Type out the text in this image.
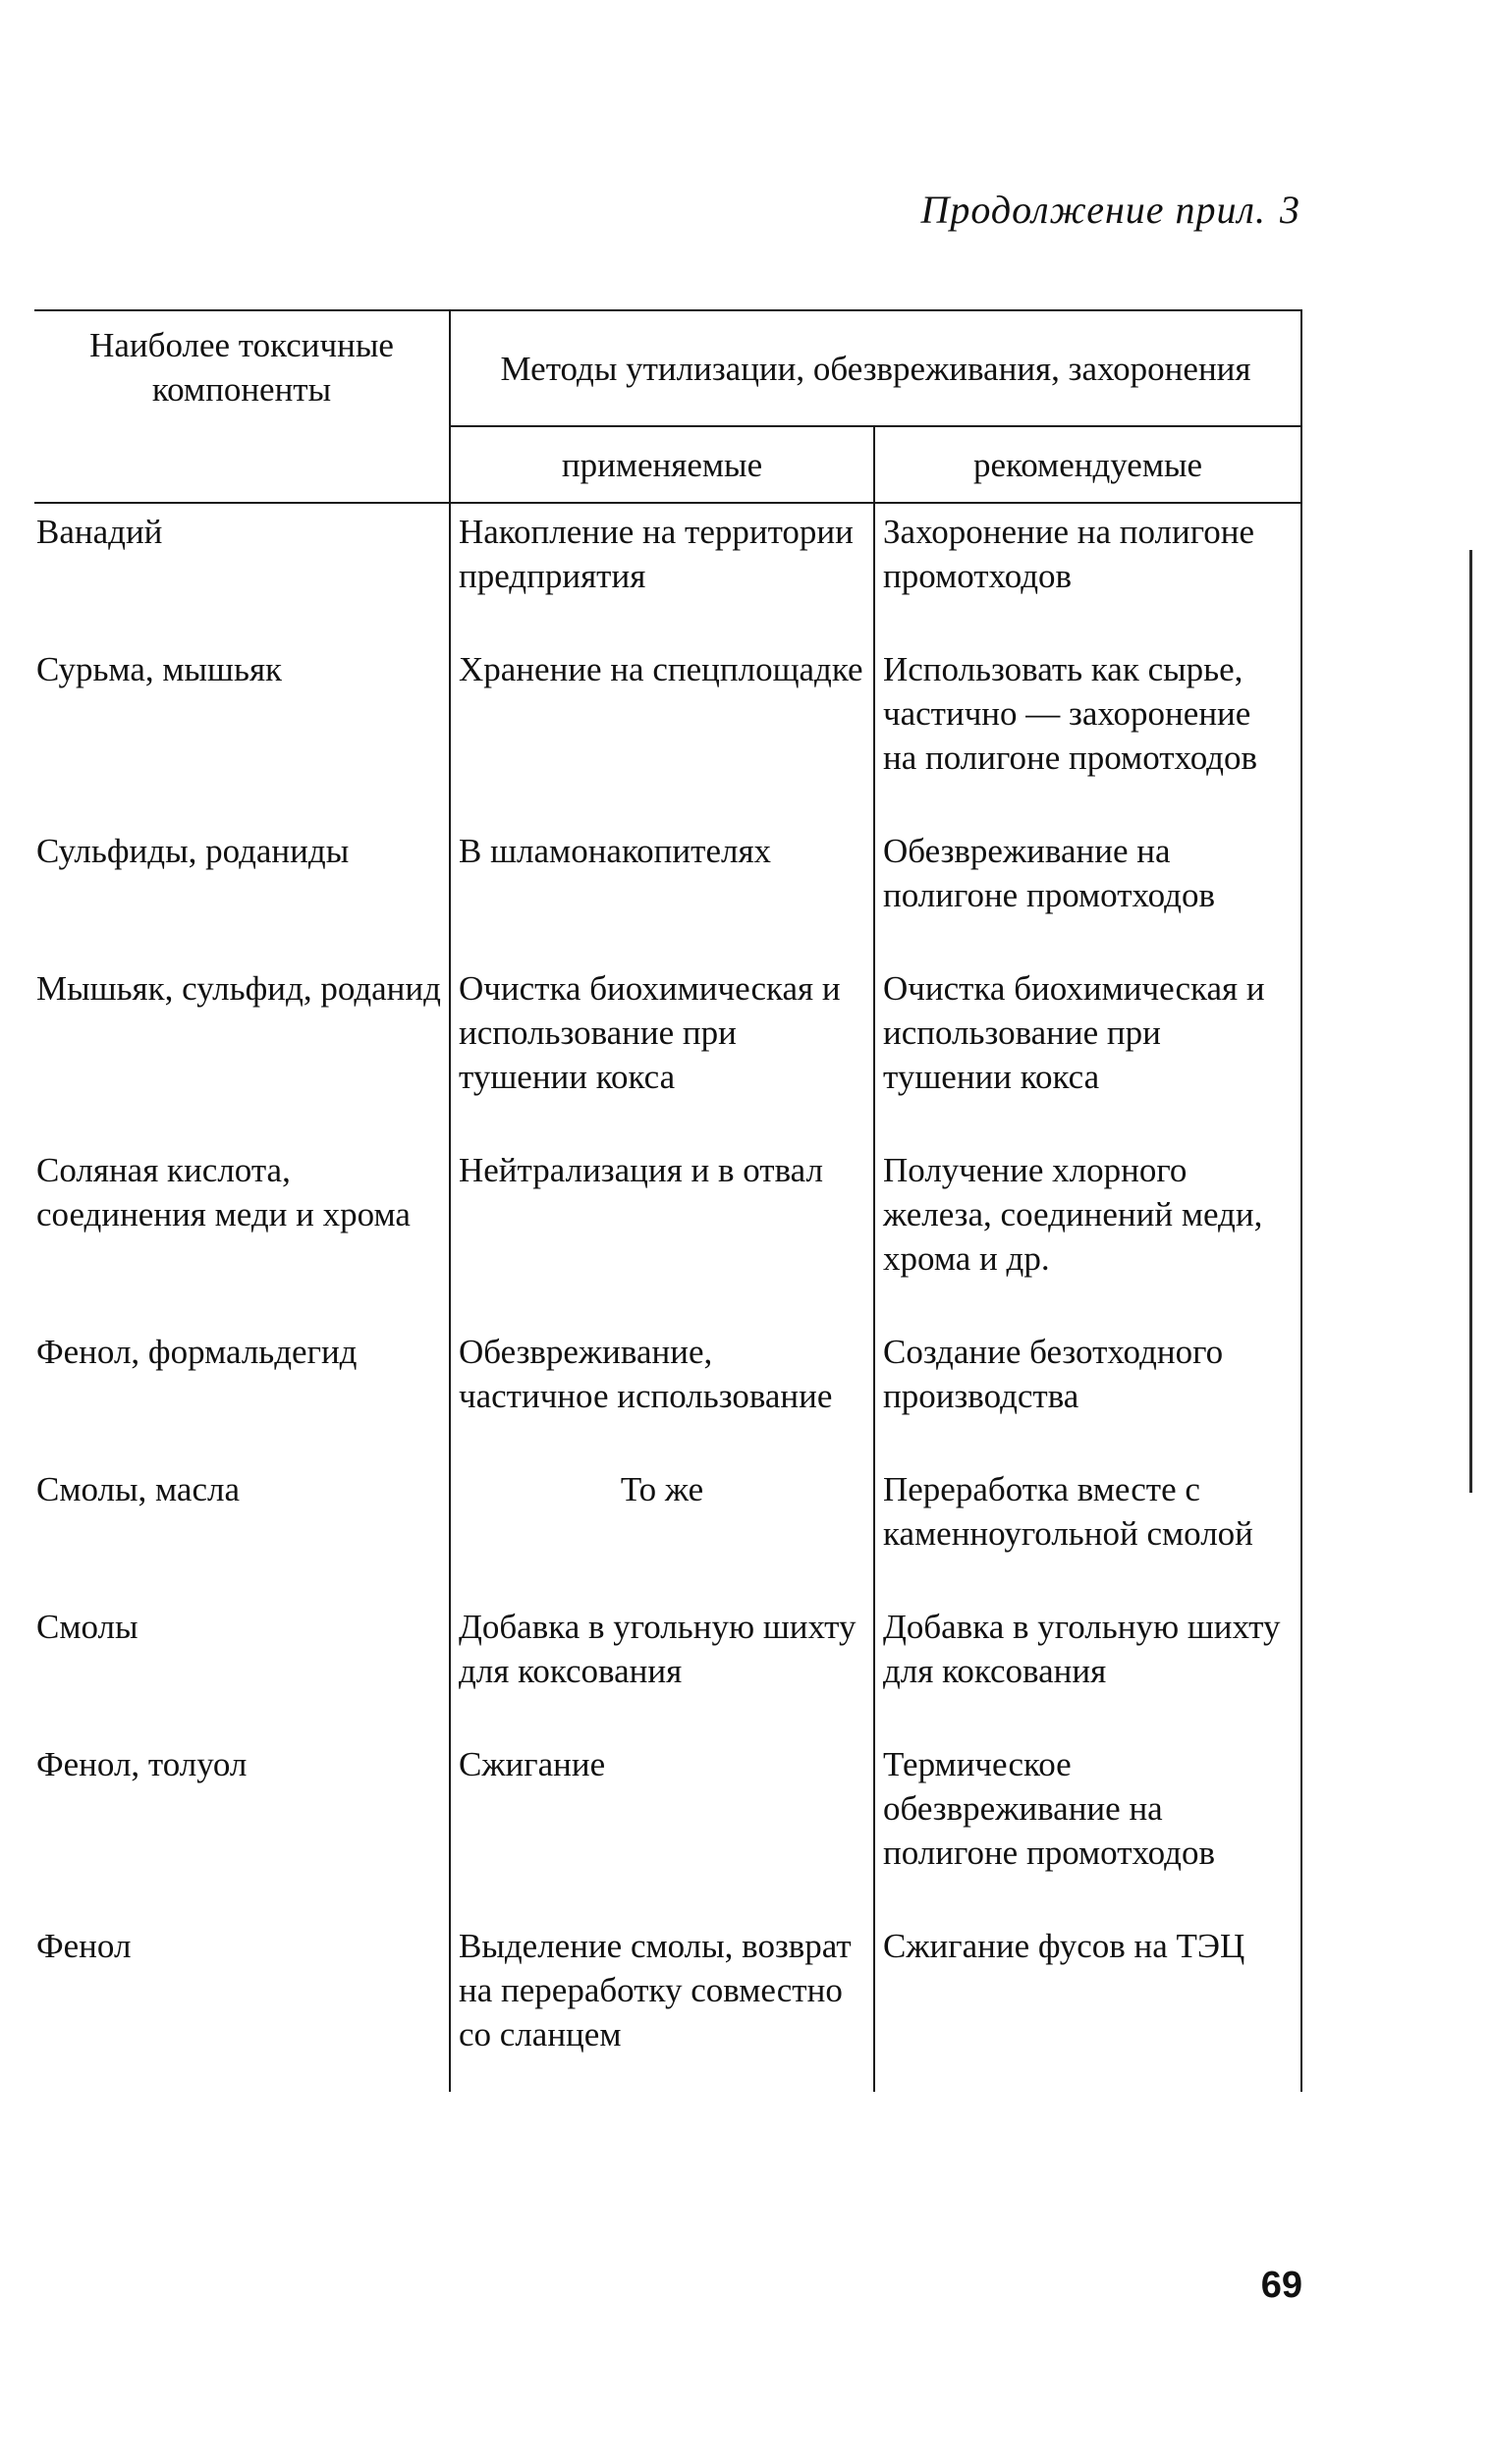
Продолжение прил. 3
Наиболее токсичные компоненты	Методы утилизации, обезвреживания, захоронения	
	применяемые	рекомендуемые
Ванадий	Накопление на территории предприятия	Захоронение на полигоне промотходов
Сурьма, мышьяк	Хранение на спецплощадке	Использовать как сырье, частично — захоронение на полигоне промотходов
Сульфиды, роданиды	В шламонакопителях	Обезвреживание на полигоне промотходов
Мышьяк, сульфид, роданид	Очистка биохимическая и использование при тушении кокса	Очистка биохимическая и использование при тушении кокса
Соляная кислота, соединения меди и хрома	Нейтрализация и в отвал	Получение хлорного железа, соединений меди, хрома и др.
Фенол, формальдегид	Обезвреживание, частичное использование	Создание безотходного производства
Смолы, масла	То же	Переработка вместе с каменноугольной смолой
Смолы	Добавка в угольную шихту для коксования	Добавка в угольную шихту для коксования
Фенол, толуол	Сжигание	Термическое обезвреживание на полигоне промотходов
Фенол	Выделение смолы, возврат на переработку совместно со сланцем	Сжигание фусов на ТЭЦ
69
